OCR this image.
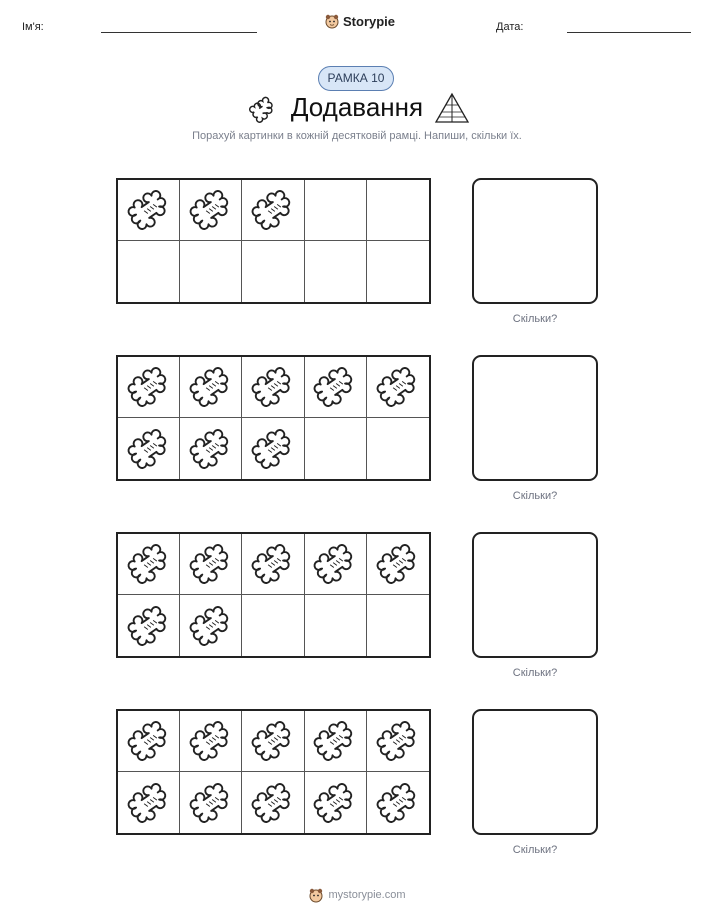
Ім'я:	Storypie	Дата:
РАМКА 10
Додавання
Порахуй картинки в кожній десятковій рамці. Напиши, скільки їх.
Скільки?
Скільки?
Скільки?
Скільки?
mystorypie.com
